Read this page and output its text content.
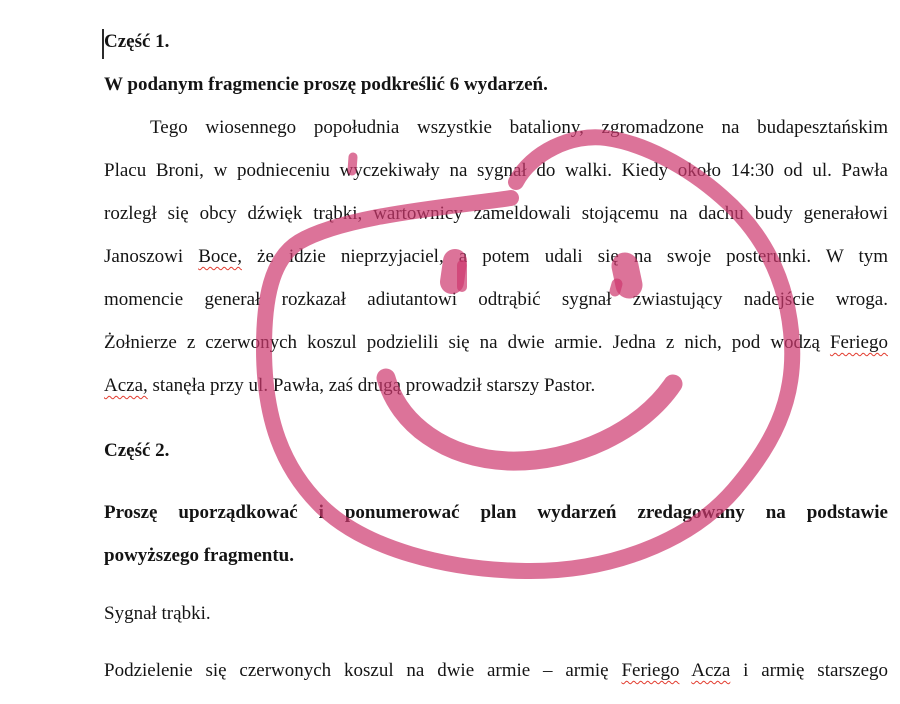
Część 1.
W podanym fragmencie proszę podkreślić 6 wydarzeń.
Tego wiosennego popołudnia wszystkie bataliony, zgromadzone na budapesztańskim
Placu Broni, w podnieceniu wyczekiwały na sygnał do walki. Kiedy około 14:30 od ul. Pawła
rozległ się obcy dźwięk trąbki, wartownicy zameldowali stojącemu na dachu budy generałowi
Janoszowi Boce, że idzie nieprzyjaciel, a potem udali się na swoje posterunki. W tym
momencie generał rozkazał adiutantowi odtrąbić sygnał zwiastujący nadejście wroga.
Żołnierze z czerwonych koszul podzielili się na dwie armie. Jedna z nich, pod wodzą Feriego
Acza, stanęła przy ul. Pawła, zaś drugą prowadził starszy Pastor.
Część 2.
Proszę uporządkować i ponumerować plan wydarzeń zredagowany na podstawie
powyższego fragmentu.
Sygnał trąbki.
Podzielenie się czerwonych koszul na dwie armie – armię Feriego Acza i armię starszego
